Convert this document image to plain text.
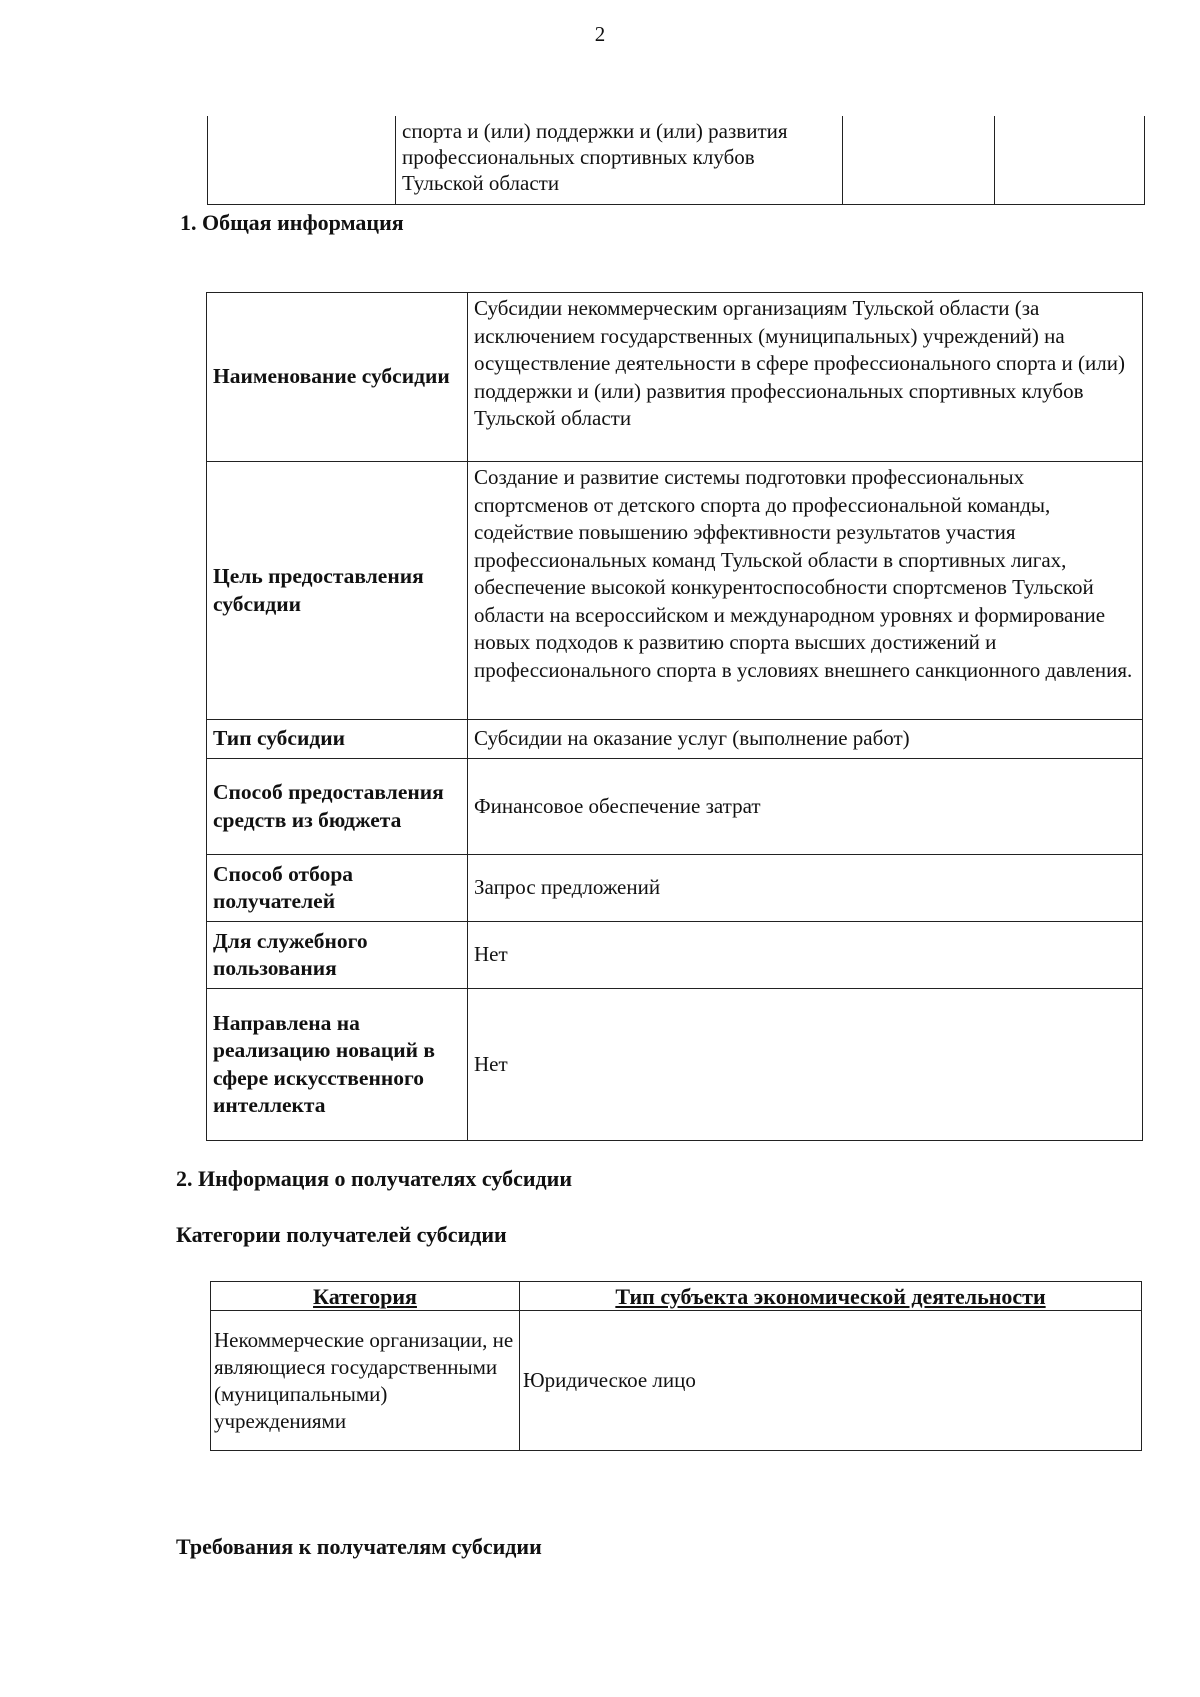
2
	спорта и (или) поддержки и (или) развития профессиональных спортивных клубов Тульской области		
1. Общая информация
Наименование субсидии	Субсидии некоммерческим организациям Тульской области (за исключением государственных (муниципальных) учреждений) на осуществление деятельности в сфере профессионального спорта и (или) поддержки и (или) развития профессиональных спортивных клубов Тульской области
Цель предоставления субсидии	Создание и развитие системы подготовки профессиональных спортсменов от детского спорта до профессиональной команды, содействие повышению эффективности результатов участия профессиональных команд Тульской области в спортивных лигах, обеспечение высокой конкурентоспособности спортсменов Тульской области на всероссийском и международном уровнях и формирование новых подходов к развитию спорта высших достижений и профессионального спорта в условиях внешнего санкционного давления.
Тип субсидии	Субсидии на оказание услуг (выполнение работ)
Способ предоставления средств из бюджета	Финансовое обеспечение затрат
Способ отбора получателей	Запрос предложений
Для служебного пользования	Нет
Направлена на реализацию новаций в сфере искусственного интеллекта	Нет
2. Информация о получателях субсидии
Категории получателей субсидии
Категория	Тип субъекта экономической деятельности
Некоммерческие организации, не являющиеся государственными (муниципальными) учреждениями	Юридическое лицо
Требования к получателям субсидии
